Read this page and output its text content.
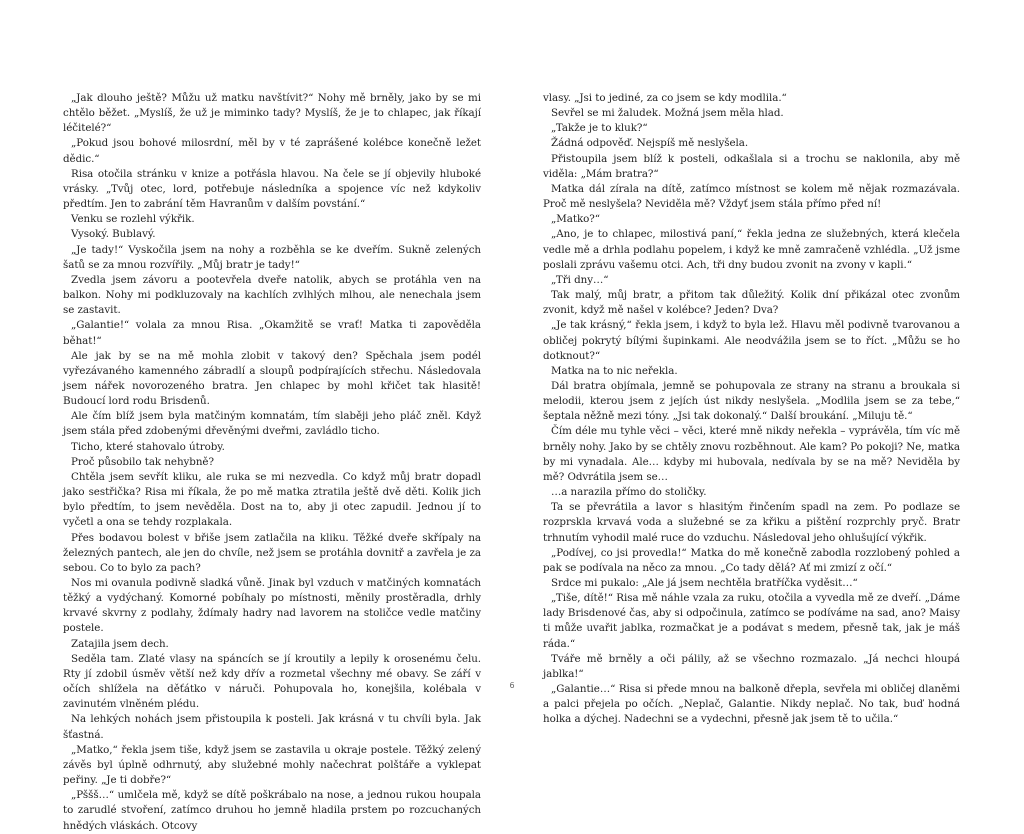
„Jak dlouho ještě? Můžu už matku navštívit?“ Nohy mě brněly, jako by se mi chtělo běžet. „Myslíš, že už je miminko tady? Myslíš, že je to chlapec, jak říkají léčitelé?“

„Pokud jsou bohové milosrdní, měl by v té zaprášené kolébce konečně ležet dědic.“

Risa otočila stránku v knize a potřásla hlavou. Na čele se jí objevily hluboké vrásky. „Tvůj otec, lord, potřebuje následníka a spojence víc než kdykoliv předtím. Jen to zabrání těm Havranům v dalším povstání.“

Venku se rozlehl výkřik.

Vysoký. Bublavý.

„Je tady!“ Vyskočila jsem na nohy a rozběhla se ke dveřím. Sukně zelených šatů se za mnou rozvířily. „Můj bratr je tady!“

Zvedla jsem závoru a pootevřela dveře natolik, abych se protáhla ven na balkon. Nohy mi podkluzovaly na kachlích zvlhlých mlhou, ale nenechala jsem se zastavit.

„Galantie!“ volala za mnou Risa. „Okamžitě se vrať! Matka ti zapověděla běhat!“

Ale jak by se na mě mohla zlobit v takový den? Spěchala jsem podél vyřezávaného kamenného zábradlí a sloupů podpírajících střechu. Následovala jsem nářek novorozeného bratra. Jen chlapec by mohl křičet tak hlasitě! Budoucí lord rodu Brisdenů.

Ale čím blíž jsem byla matčiným komnatám, tím slaběji jeho pláč zněl. Když jsem stála před zdobenými dřevěnými dveřmi, zavládlo ticho.

Ticho, které stahovalo útroby.

Proč působilo tak nehybně?

Chtěla jsem sevřít kliku, ale ruka se mi nezvedla. Co když můj bratr dopadl jako sestřička? Risa mi říkala, že po mě matka ztratila ještě dvě děti. Kolik jich bylo předtím, to jsem nevěděla. Dost na to, aby ji otec zapudil. Jednou jí to vyčetl a ona se tehdy rozplakala.

Přes bodavou bolest v břiše jsem zatlačila na kliku. Těžké dveře skřípaly na železných pantech, ale jen do chvíle, než jsem se protáhla dovnitř a zavřela je za sebou. Co to bylo za pach?

Nos mi ovanula podivně sladká vůně. Jinak byl vzduch v matčiných komnatách těžký a vydýchaný. Komorné pobíhaly po místnosti, měnily prostěradla, drhly krvavé skvrny z podlahy, ždímaly hadry nad lavorem na stoličce vedle matčiny postele.

Zatajila jsem dech.

Seděla tam. Zlaté vlasy na spáncích se jí kroutily a lepily k orosenému čelu. Rty jí zdobil úsměv větší než kdy dřív a rozmetal všechny mé obavy. Se září v očích shlížela na děťátko v náruči. Pohupovala ho, konejšila, kolébala v zavinutém vlněném plédu.

Na lehkých nohách jsem přistoupila k posteli. Jak krásná v tu chvíli byla. Jak šťastná.

„Matko,“ řekla jsem tiše, když jsem se zastavila u okraje postele. Těžký zelený závěs byl úplně odhrnutý, aby služebné mohly načechrat polštáře a vyklepat peřiny. „Je ti dobře?“

„Pššš…“ umlčela mě, když se dítě poškrábalo na nose, a jednou rukou houpala to zarudlé stvoření, zatímco druhou ho jemně hladila prstem po rozcuchaných hnědých vláskách. Otcovy

vlasy. „Jsi to jediné, za co jsem se kdy modlila.“

Sevřel se mi žaludek. Možná jsem měla hlad.

„Takže je to kluk?“

Žádná odpověď. Nejspíš mě neslyšela.

Přistoupila jsem blíž k posteli, odkašlala si a trochu se naklonila, aby mě viděla: „Mám bratra?“

Matka dál zírala na dítě, zatímco místnost se kolem mě nějak rozmazávala. Proč mě neslyšela? Neviděla mě? Vždyť jsem stála přímo před ní!

„Matko?“

„Ano, je to chlapec, milostivá paní,“ řekla jedna ze služebných, která klečela vedle mě a drhla podlahu popelem, i když ke mně zamračeně vzhlédla. „Už jsme poslali zprávu vašemu otci. Ach, tři dny budou zvonit na zvony v kapli.“

„Tři dny…“

Tak malý, můj bratr, a přitom tak důležitý. Kolik dní přikázal otec zvonům zvonit, když mě našel v kolébce? Jeden? Dva?

„Je tak krásný,“ řekla jsem, i když to byla lež. Hlavu měl podivně tvarovanou a obličej pokrytý bílými šupinkami. Ale neodvážila jsem se to říct. „Můžu se ho dotknout?“

Matka na to nic neřekla.

Dál bratra objímala, jemně se pohupovala ze strany na stranu a broukala si melodii, kterou jsem z jejích úst nikdy neslyšela. „Modlila jsem se za tebe,“ šeptala něžně mezi tóny. „Jsi tak dokonalý.“ Další broukání. „Miluju tě.“

Čím déle mu tyhle věci – věci, které mně nikdy neřekla – vyprávěla, tím víc mě brněly nohy. Jako by se chtěly znovu rozběhnout. Ale kam? Po pokoji? Ne, matka by mi vynadala. Ale… kdyby mi hubovala, nedívala by se na mě? Neviděla by mě? Odvrátila jsem se…

…a narazila přímo do stoličky.

Ta se převrátila a lavor s hlasitým řinčením spadl na zem. Po podlaze se rozprskla krvavá voda a služebné se za křiku a pištění rozprchly pryč. Bratr trhnutím vyhodil malé ruce do vzduchu. Následoval jeho ohlušující výkřik.

„Podívej, co jsi provedla!“ Matka do mě konečně zabodla rozzlobený pohled a pak se podívala na něco za mnou. „Co tady dělá? Ať mi zmizí z očí.“

Srdce mi pukalo: „Ale já jsem nechtěla bratříčka vyděsit…“

„Tiše, dítě!“ Risa mě náhle vzala za ruku, otočila a vyvedla mě ze dveří. „Dáme lady Brisdenové čas, aby si odpočinula, zatímco se podíváme na sad, ano? Maisy ti může uvařit jablka, rozmačkat je a podávat s medem, přesně tak, jak je máš ráda.“

Tváře mě brněly a oči pálily, až se všechno rozmazalo. „Já nechci hloupá jablka!“

„Galantie…“ Risa si přede mnou na balkoně dřepla, sevřela mi obličej dlaněmi a palci přejela po očích. „Neplač, Galantie. Nikdy neplač. No tak, buď hodná holka a dýchej. Nadechni se a vydechni, přesně jak jsem tě to učila.“

6
